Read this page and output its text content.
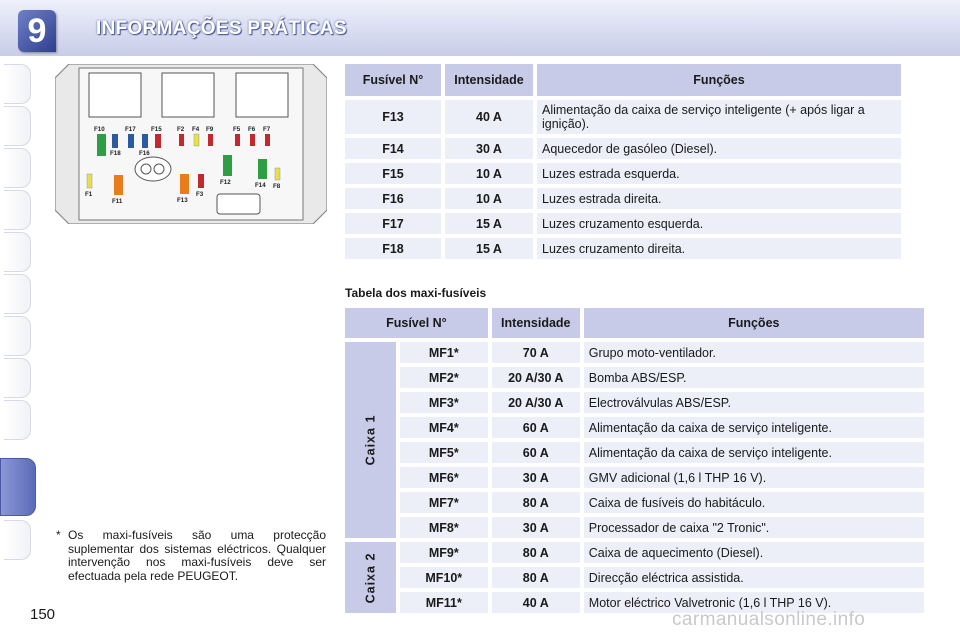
9	INFORMAÇÕES PRÁTICAS
F10	F17 F15 F2 F4 F9	F5 F6 F7
F18	F16
F12	F14 F8
F1
F11	F13
F3
Fusível N°	Intensidade	Funções
F13	40 A	Alimentação da caixa de serviço inteligente (+ após ligar a ignição).
F14	30 A	Aquecedor de gasóleo (Diesel).
F15	10 A	Luzes estrada esquerda.
F16	10 A	Luzes estrada direita.
F17	15 A	Luzes cruzamento esquerda.
F18	15 A	Luzes cruzamento direita.
Tabela dos maxi-fusíveis
Fusível N°		Intensidade	Funções
Caixa 1	MF1*	70 A	Grupo moto-ventilador.
	MF2*	20 A/30 A	Bomba ABS/ESP.
	MF3*	20 A/30 A	Electroválvulas ABS/ESP.
	MF4*	60 A	Alimentação da caixa de serviço inteligente.
	MF5*	60 A	Alimentação da caixa de serviço inteligente.
	MF6*	30 A	GMV adicional (1,6 l THP 16 V).
	MF7*	80 A	Caixa de fusíveis do habitáculo.
	MF8*	30 A	Processador de caixa "2 Tronic".
Caixa 2	MF9*	80 A	Caixa de aquecimento (Diesel).
	MF10*	80 A	Direcção eléctrica assistida.
	MF11*	40 A	Motor eléctrico Valvetronic (1,6 l THP 16 V).
* Os maxi-fusíveis são uma protecção suplementar dos sistemas eléctricos. Qualquer intervenção nos maxi-fusíveis deve ser efectuada pela rede PEUGEOT.
150	carmanualsonline.info
